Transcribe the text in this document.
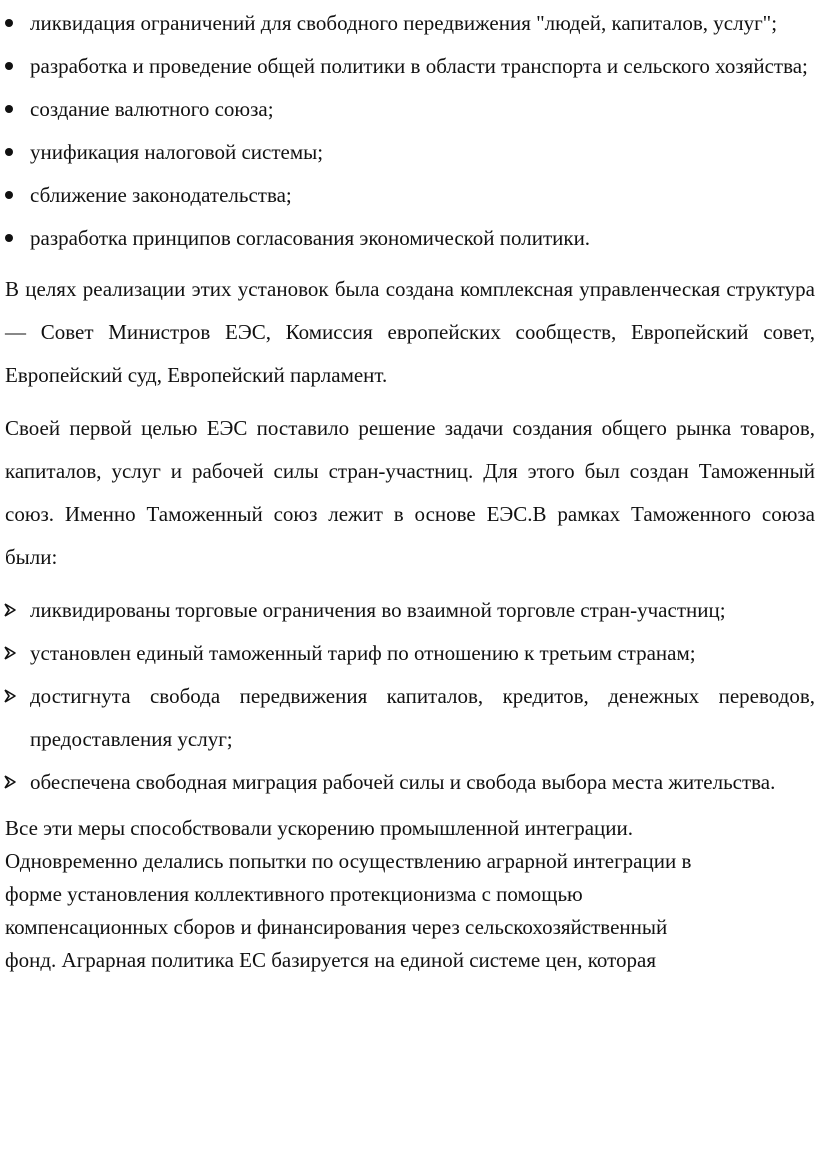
ликвидация ограничений для свободного передвижения "людей, капиталов, услуг";
разработка и проведение общей политики в области транспорта и сельского хозяйства;
создание валютного союза;
унификация налоговой системы;
сближение законодательства;
разработка принципов согласования экономической политики.

В целях реализации этих установок была создана комплексная управленческая структура — Совет Министров ЕЭС, Комиссия европейских сообществ, Европейский совет, Европейский суд, Европейский парламент.

Своей первой целью ЕЭС поставило решение задачи создания общего рынка товаров, капиталов, услуг и рабочей силы стран-участниц. Для этого был создан Таможенный союз. Именно Таможенный союз лежит в основе ЕЭС.В рамках Таможенного союза были:

ликвидированы торговые ограничения во взаимной торговле стран-участниц;
установлен единый таможенный тариф по отношению к третьим странам;
достигнута свобода передвижения капиталов, кредитов, денежных переводов, предоставления услуг;
обеспечена свободная миграция рабочей силы и свобода выбора места жительства.

Все эти меры способствовали ускорению промышленной интеграции.

Одновременно делались попытки по осуществлению аграрной интеграции в

форме установления коллективного протекционизма с помощью

компенсационных сборов и финансирования через сельскохозяйственный

фонд. Аграрная политика ЕС базируется на единой системе цен, которая
